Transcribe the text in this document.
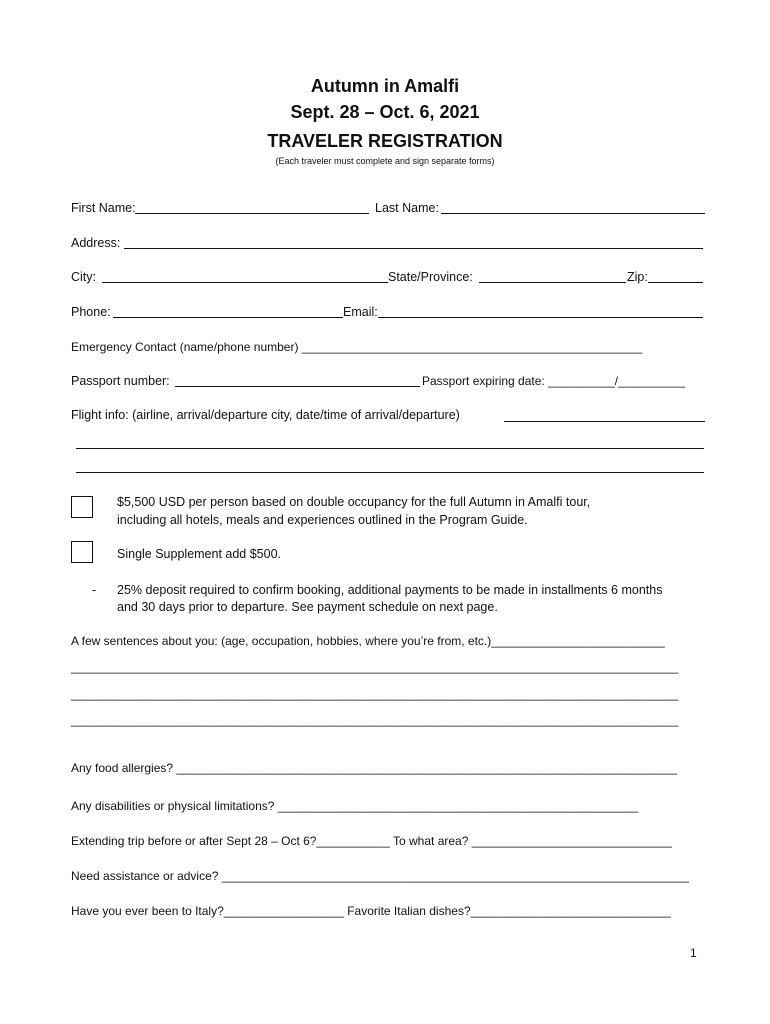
Autumn in Amalfi
Sept. 28 – Oct. 6, 2021
TRAVELER REGISTRATION
(Each traveler must complete and sign separate forms)
First Name:	Last Name:
Address:
City:	State/Province:	Zip:
Phone:	Email:
Emergency Contact (name/phone number) ___________________________________________________
Passport number:	Passport expiring date: __________/__________
Flight info: (airline, arrival/departure city, date/time of arrival/departure)
$5,500 USD per person based on double occupancy for the full Autumn in Amalfi tour,
including all hotels, meals and experiences outlined in the Program Guide.
Single Supplement add $500.
- 25% deposit required to confirm booking, additional payments to be made in installments 6 months
and 30 days prior to departure. See payment schedule on next page.
A few sentences about you: (age, occupation, hobbies, where you’re from, etc.)__________________________
___________________________________________________________________________________________
___________________________________________________________________________________________
___________________________________________________________________________________________
Any food allergies? ___________________________________________________________________________
Any disabilities or physical limitations? ______________________________________________________
Extending trip before or after Sept 28 – Oct 6?___________ To what area? ______________________________
Need assistance or advice? ______________________________________________________________________
Have you ever been to Italy?__________________ Favorite Italian dishes?______________________________
1
